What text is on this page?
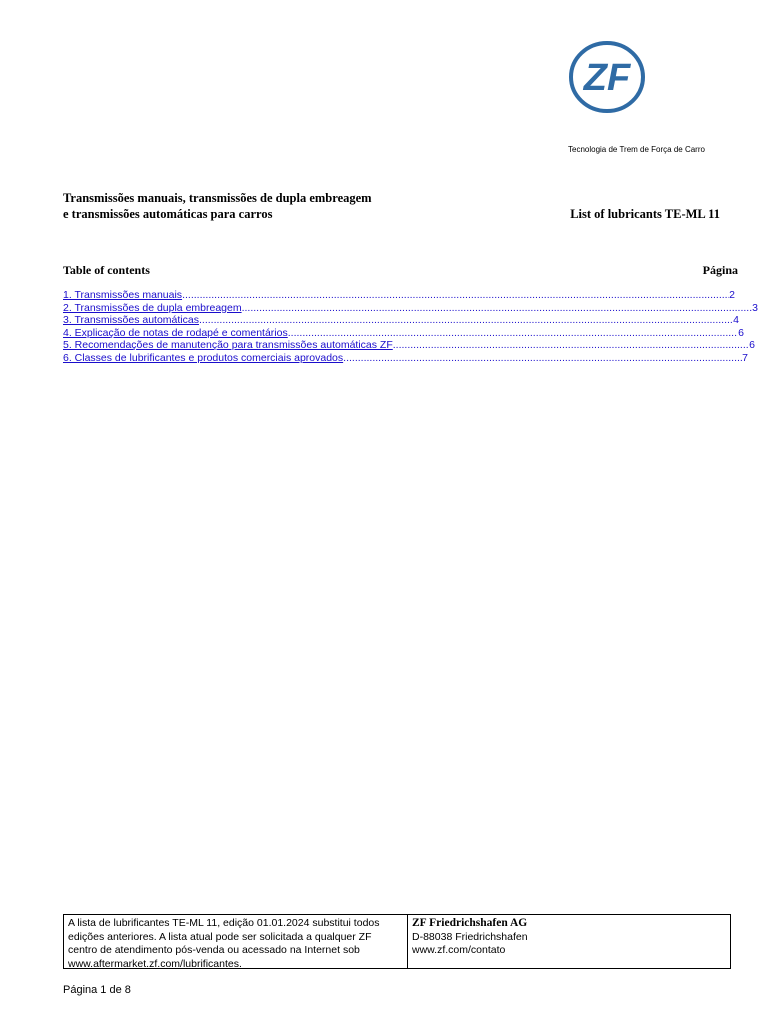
ZF
Tecnologia de Trem de Força de Carro
Transmissões manuais, transmissões de dupla embreagem
e transmissões automáticas para carros	List of lubricants TE-ML 11
Table of contents	Página
1. Transmissões manuais .....	2
2. Transmissões de dupla embreagem .....	3
3. Transmissões automáticas .....	4
4. Explicação de notas de rodapé e comentários .....	6
5. Recomendações de manutenção para transmissões automáticas ZF .....	6
6. Classes de lubrificantes e produtos comerciais aprovados .....	7
A lista de lubrificantes TE-ML 11, edição 01.01.2024 substitui todos edições anteriores. A lista atual pode ser solicitada a qualquer ZF centro de atendimento pós-venda ou acessado na Internet sob www.aftermarket.zf.com/lubrificantes.
ZF Friedrichshafen AG
D-88038 Friedrichshafen
www.zf.com/contato
Página 1 de 8
